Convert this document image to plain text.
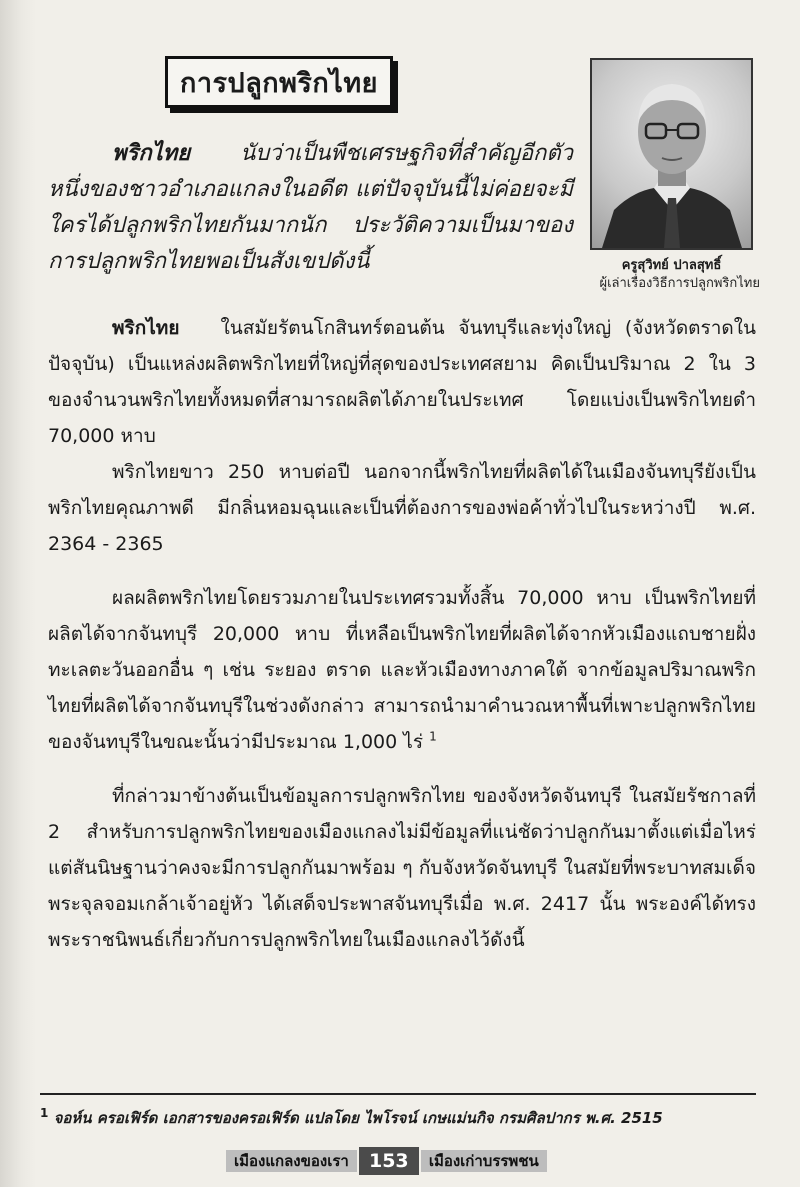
การปลูกพริกไทย
ครูสุวิทย์ ปาลสุทธิ์
ผู้เล่าเรื่องวิธีการปลูกพริกไทย

พริกไทย นับว่าเป็นพืชเศรษฐกิจที่สำคัญอีกตัวหนึ่งของชาวอำเภอแกลงในอดีต แต่ปัจจุบันนี้ไม่ค่อยจะมีใครได้ปลูกพริกไทยกันมากนัก ประวัติความเป็นมาของการปลูกพริกไทยพอเป็นสังเขปดังนี้

พริกไทย ในสมัยรัตนโกสินทร์ตอนต้น จันทบุรีและทุ่งใหญ่ (จังหวัดตราดในปัจจุบัน) เป็นแหล่งผลิตพริกไทยที่ใหญ่ที่สุดของประเทศสยาม คิดเป็นปริมาณ 2 ใน 3 ของจำนวนพริกไทยทั้งหมดที่สามารถผลิตได้ภายในประเทศ โดยแบ่งเป็นพริกไทยดำ 70,000 หาบ

พริกไทยขาว 250 หาบต่อปี นอกจากนี้พริกไทยที่ผลิตได้ในเมืองจันทบุรียังเป็นพริกไทยคุณภาพดี มีกลิ่นหอมฉุนและเป็นที่ต้องการของพ่อค้าทั่วไปในระหว่างปี พ.ศ. 2364 - 2365

ผลผลิตพริกไทยโดยรวมภายในประเทศรวมทั้งสิ้น 70,000 หาบ เป็นพริกไทยที่ผลิตได้จากจันทบุรี 20,000 หาบ ที่เหลือเป็นพริกไทยที่ผลิตได้จากหัวเมืองแถบชายฝั่งทะเลตะวันออกอื่น ๆ เช่น ระยอง ตราด และหัวเมืองทางภาคใต้ จากข้อมูลปริมาณพริกไทยที่ผลิตได้จากจันทบุรีในช่วงดังกล่าว สามารถนำมาคำนวณหาพื้นที่เพาะปลูกพริกไทยของจันทบุรีในขณะนั้นว่ามีประมาณ 1,000 ไร่ $^1$

ที่กล่าวมาข้างต้นเป็นข้อมูลการปลูกพริกไทย ของจังหวัดจันทบุรี ในสมัยรัชกาลที่ 2 สำหรับการปลูกพริกไทยของเมืองแกลงไม่มีข้อมูลที่แน่ชัดว่าปลูกกันมาตั้งแต่เมื่อไหร่ แต่สันนิษฐานว่าคงจะมีการปลูกกันมาพร้อม ๆ กับจังหวัดจันทบุรี ในสมัยที่พระบาทสมเด็จพระจุลจอมเกล้าเจ้าอยู่หัว ได้เสด็จประพาสจันทบุรีเมื่อ พ.ศ. 2417 นั้น พระองค์ได้ทรงพระราชนิพนธ์เกี่ยวกับการปลูกพริกไทยในเมืองแกลงไว้ดังนี้

$^1$ จอห์น ครอเฟิร์ด เอกสารของครอเฟิร์ด แปลโดย ไพโรจน์ เกษแม่นกิจ กรมศิลปากร พ.ศ. 2515
เมืองแกลงของเรา	153	เมืองเก่าบรรพชน
